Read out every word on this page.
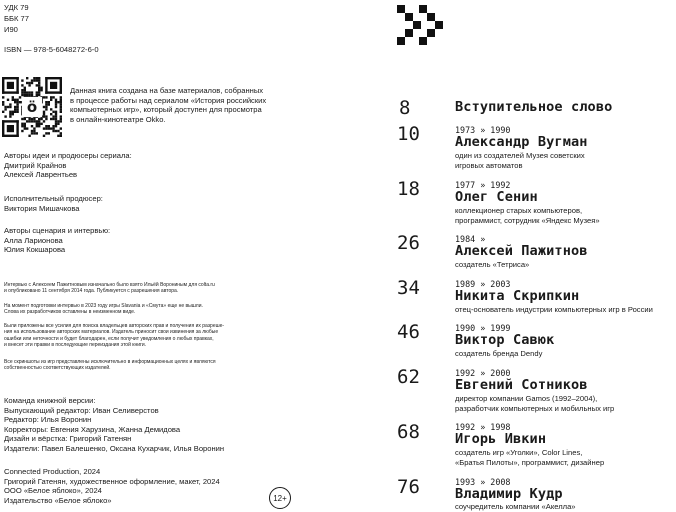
УДК 79
ББК 77
И90
ISBN — 978-5-6048272-6-0
ö
Данная книга создана на базе материалов, собранных
в процессе работы над сериалом «История российских
компьютерных игр», который доступен для просмотра
в онлайн-кинотеатре Okko.
Авторы идеи и продюсеры сериала:
Дмитрий Крайнов
Алексей Лаврентьев
Исполнительный продюсер:
Виктория Мишачкова
Авторы сценария и интервью:
Алла Ларионова
Юлия Кокшарова
Интервью с Алексеем Пажитновым изначально было взято Ильёй Ворониным для colta.ru
и опубликовано 11 сентября 2014 года. Публикуется с разрешения автора.
На момент подготовки интервью в 2023 году игры Slavania и «Смута» еще не вышли.
Слова их разработчиков оставлены в неизменном виде.
Были приложены все усилия для поиска владельцев авторских прав и получения их разреше-
ния на использование авторских материалов. Издатель приносит свои извинения за любые
ошибки или неточности и будет благодарен, если получит уведомления о любых правках,
и внесет эти правки в последующие переиздания этой книги.
Все скриншоты из игр представлены исключительно в информационных целях и являются
собственностью соответствующих издателей.
Команда книжной версии:
Выпускающий редактор: Иван Селиверстов
Редактор: Илья Воронин
Корректоры: Евгения Харузина, Жанна Демидова
Дизайн и вёрстка: Григорий Гатенян
Издатели: Павел Балешенко, Оксана Кухарчик, Илья Воронин
Connected Production, 2024
Григорий Гатенян, художественное оформление, макет, 2024
ООО «Белое яблоко», 2024
Издательство «Белое яблоко»	12+
8	Вступительное слово
10	1973 » 1990
Александр Вугман
один из создателей Музея советских
игровых автоматов
18	1977 » 1992
Олег Сенин
коллекционер старых компьютеров,
программист, сотрудник «Яндекс Музея»
26	1984 »
Алексей Пажитнов
создатель «Тетриса»
34	1989 » 2003
Никита Скрипкин
отец-основатель индустрии компьютерных игр в России
46	1990 » 1999
Виктор Савюк
создатель бренда Dendy
62	1992 » 2000
Евгений Сотников
директор компании Gamos (1992–2004),
разработчик компьютерных и мобильных игр
68	1992 » 1998
Игорь Ивкин
создатель игр «Уголки», Color Lines,
«Братья Пилоты», программист, дизайнер
76	1993 » 2008
Владимир Кудр
соучредитель компании «Акелла»
